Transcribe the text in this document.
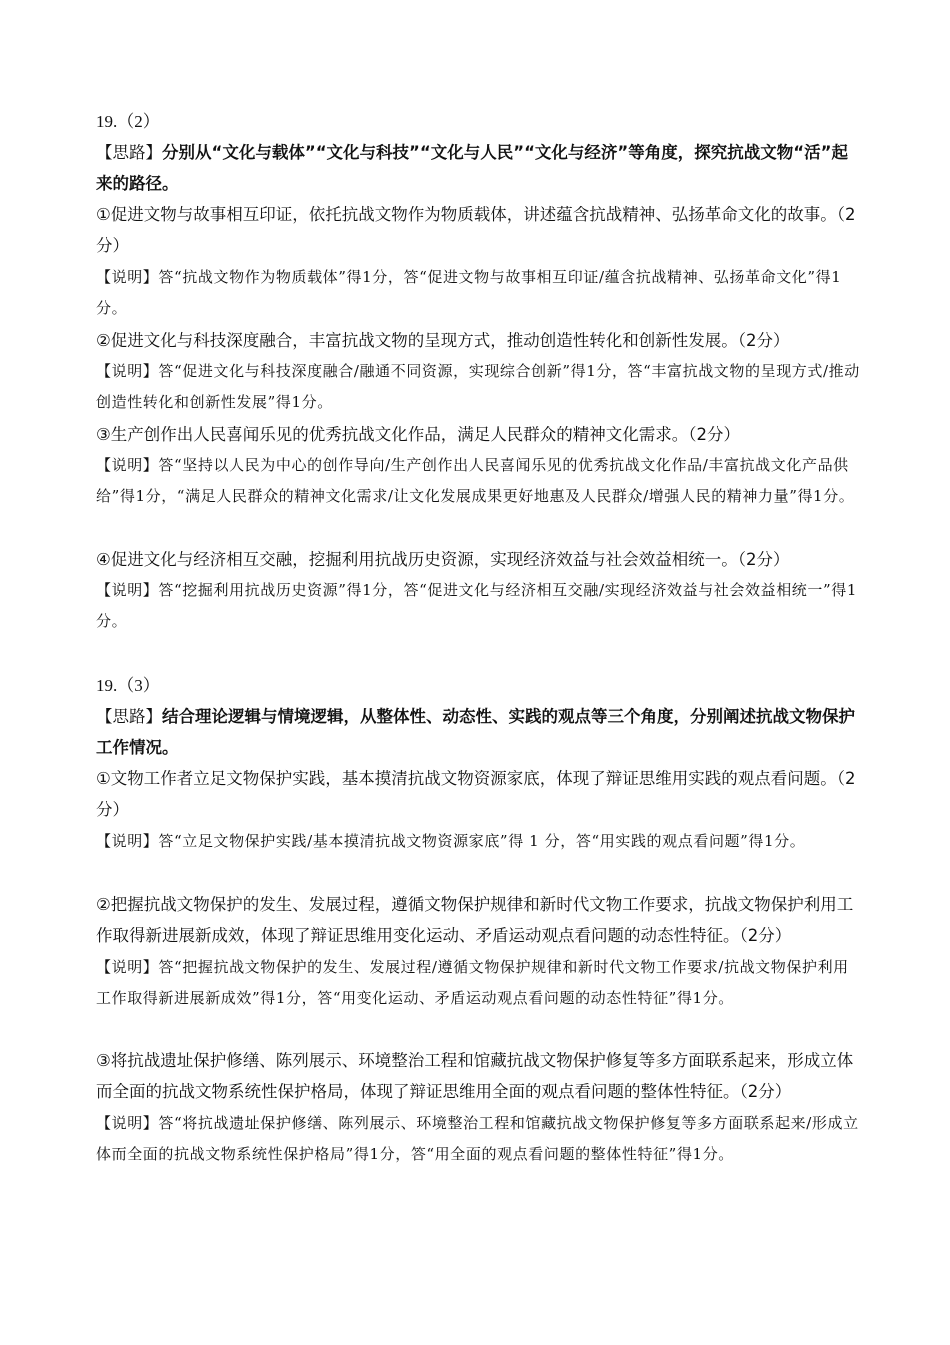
19.（2）
【思路】分别从“文化与载体”“文化与科技”“文化与人民”“文化与经济”等角度，探究抗战文物“活”起来的路径。
①促进文物与故事相互印证，依托抗战文物作为物质载体，讲述蕴含抗战精神、弘扬革命文化的故事。（2分）
【说明】答“抗战文物作为物质载体”得1分，答“促进文物与故事相互印证/蕴含抗战精神、弘扬革命文化”得1分。
②促进文化与科技深度融合，丰富抗战文物的呈现方式，推动创造性转化和创新性发展。（2分）
【说明】答“促进文化与科技深度融合/融通不同资源，实现综合创新”得1分，答“丰富抗战文物的呈现方式/推动创造性转化和创新性发展”得1分。
③生产创作出人民喜闻乐见的优秀抗战文化作品，满足人民群众的精神文化需求。（2分）
【说明】答“坚持以人民为中心的创作导向/生产创作出人民喜闻乐见的优秀抗战文化作品/丰富抗战文化产品供给”得1分，“满足人民群众的精神文化需求/让文化发展成果更好地惠及人民群众/增强人民的精神力量”得1分。
④促进文化与经济相互交融，挖掘利用抗战历史资源，实现经济效益与社会效益相统一。（2分）
【说明】答“挖掘利用抗战历史资源”得1分，答“促进文化与经济相互交融/实现经济效益与社会效益相统一”得1分。
19.（3）
【思路】结合理论逻辑与情境逻辑，从整体性、动态性、实践的观点等三个角度，分别阐述抗战文物保护工作情况。
①文物工作者立足文物保护实践，基本摸清抗战文物资源家底，体现了辩证思维用实践的观点看问题。（2分）
【说明】答“立足文物保护实践/基本摸清抗战文物资源家底”得 1 分，答“用实践的观点看问题”得1分。
②把握抗战文物保护的发生、发展过程，遵循文物保护规律和新时代文物工作要求，抗战文物保护利用工作取得新进展新成效，体现了辩证思维用变化运动、矛盾运动观点看问题的动态性特征。（2分）
【说明】答“把握抗战文物保护的发生、发展过程/遵循文物保护规律和新时代文物工作要求/抗战文物保护利用工作取得新进展新成效”得1分，答“用变化运动、矛盾运动观点看问题的动态性特征”得1分。
③将抗战遗址保护修缮、陈列展示、环境整治工程和馆藏抗战文物保护修复等多方面联系起来，形成立体而全面的抗战文物系统性保护格局，体现了辩证思维用全面的观点看问题的整体性特征。（2分）
【说明】答“将抗战遗址保护修缮、陈列展示、环境整治工程和馆藏抗战文物保护修复等多方面联系起来/形成立体而全面的抗战文物系统性保护格局”得1分，答“用全面的观点看问题的整体性特征”得1分。
